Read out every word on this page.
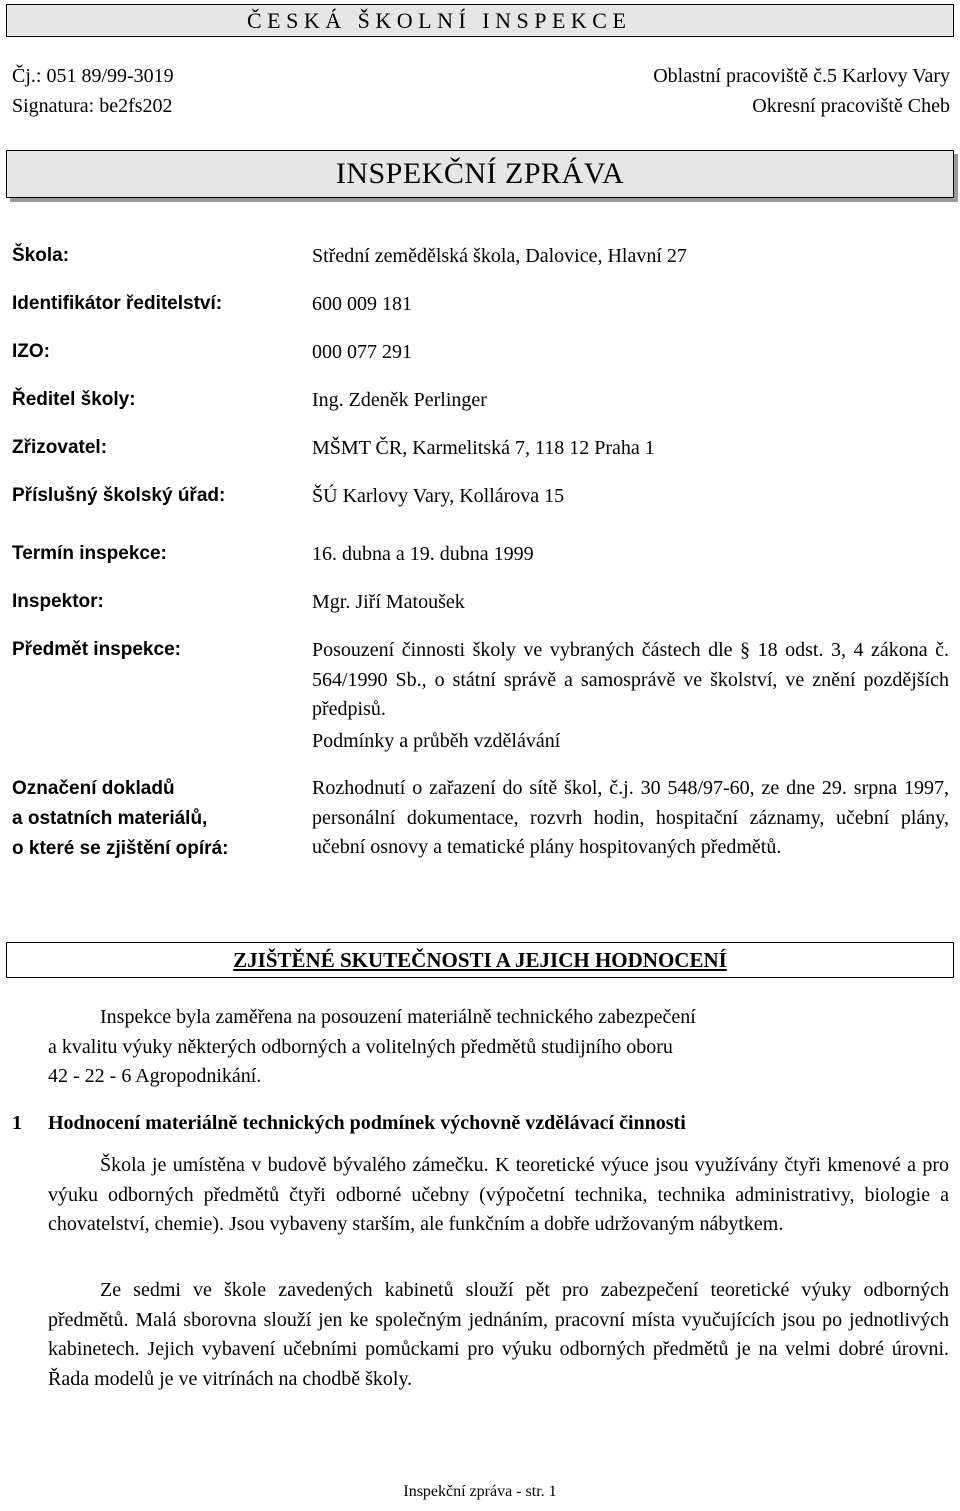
ČESKÁ ŠKOLNÍ INSPEKCE
Čj.: 051 89/99-3019
Signatura: be2fs202
Oblastní pracoviště č.5 Karlovy Vary
Okresní pracoviště Cheb
INSPEKČNÍ ZPRÁVA
Škola:	Střední zemědělská škola, Dalovice, Hlavní 27
Identifikátor ředitelství:	600 009 181
IZO:	000 077 291
Ředitel školy:	Ing. Zdeněk Perlinger
Zřizovatel:	MŠMT ČR, Karmelitská 7, 118 12 Praha 1
Příslušný školský úřad:	ŠÚ Karlovy Vary, Kollárova 15
Termín inspekce:	16. dubna a 19. dubna 1999
Inspektor:	Mgr. Jiří Matoušek
Předmět inspekce:	Posouzení činnosti školy ve vybraných částech dle § 18 odst. 3, 4 zákona č. 564/1990 Sb., o státní správě a samosprávě ve školství, ve znění pozdějších předpisů.
Podmínky a průběh vzdělávání
Označení dokladů
a ostatních materiálů,
o které se zjištění opírá:
Rozhodnutí o zařazení do sítě škol, č.j. 30 548/97-60, ze dne 29. srpna 1997, personální dokumentace, rozvrh hodin, hospitační záznamy, učební plány, učební osnovy a tematické plány hospitovaných předmětů.
ZJIŠTĚNÉ SKUTEČNOSTI A JEJICH HODNOCENÍ
Inspekce byla zaměřena na posouzení materiálně technického zabezpečení
a kvalitu výuky některých odborných a volitelných předmětů studijního oboru
42 - 22 - 6 Agropodnikání.
1 Hodnocení materiálně technických podmínek výchovně vzdělávací činnosti
Škola je umístěna v budově bývalého zámečku. K teoretické výuce jsou využívány čtyři kmenové a pro výuku odborných předmětů čtyři odborné učebny (výpočetní technika, technika administrativy, biologie a chovatelství, chemie). Jsou vybaveny starším, ale funkčním a dobře udržovaným nábytkem.
Ze sedmi ve škole zavedených kabinetů slouží pět pro zabezpečení teoretické výuky odborných předmětů. Malá sborovna slouží jen ke společným jednáním, pracovní místa vyučujících jsou po jednotlivých kabinetech. Jejich vybavení učebními pomůckami pro výuku odborných předmětů je na velmi dobré úrovni. Řada modelů je ve vitrínách na chodbě školy.
Inspekční zpráva - str. 1
